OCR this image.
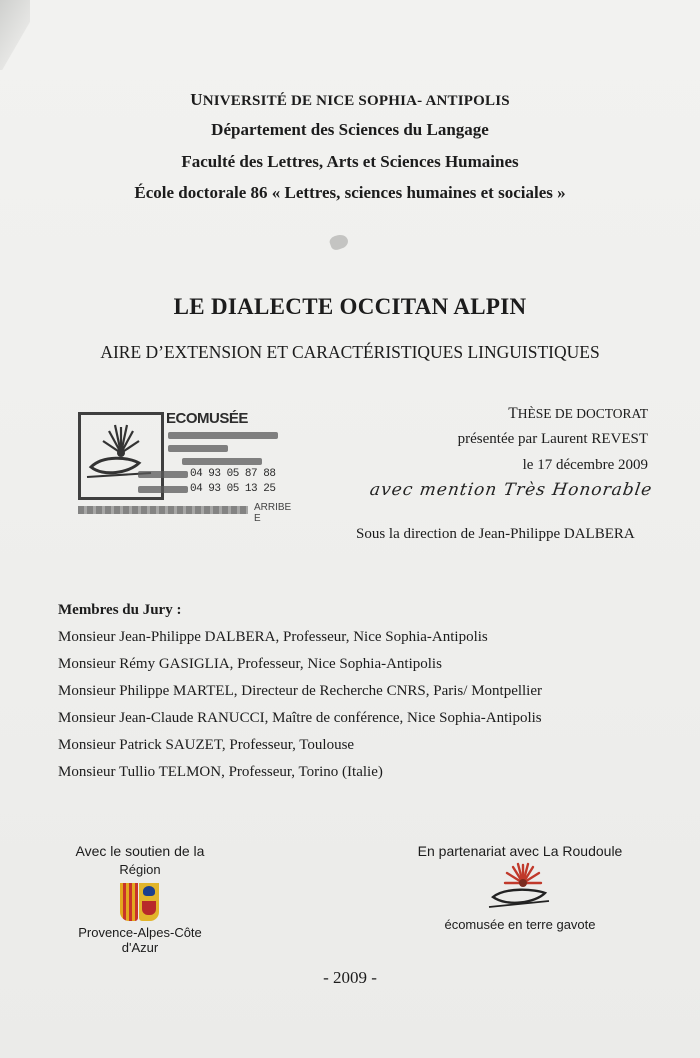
UNIVERSITÉ DE NICE SOPHIA- ANTIPOLIS
Département des Sciences du Langage
Faculté des Lettres, Arts et Sciences Humaines
École doctorale 86 « Lettres, sciences humaines et sociales »
LE DIALECTE OCCITAN ALPIN
AIRE D’EXTENSION ET CARACTÉRISTIQUES LINGUISTIQUES
ECOMUSÉE
04 93 05 87 88
04 93 05 13 25
ARRIBE E
THÈSE DE DOCTORAT
présentée par Laurent REVEST
le 17 décembre 2009
avec mention Très Honorable
Sous la direction de Jean-Philippe DALBERA
Membres du Jury :
Monsieur Jean-Philippe DALBERA, Professeur, Nice Sophia-Antipolis
Monsieur Rémy GASIGLIA, Professeur, Nice Sophia-Antipolis
Monsieur Philippe MARTEL, Directeur de Recherche CNRS, Paris/ Montpellier
Monsieur Jean-Claude RANUCCI, Maître de conférence, Nice Sophia-Antipolis
Monsieur Patrick SAUZET, Professeur, Toulouse
Monsieur Tullio TELMON, Professeur, Torino (Italie)
Avec le soutien de la
Région
Provence-Alpes-Côte d'Azur
En partenariat avec La Roudoule
écomusée en terre gavote
- 2009 -
